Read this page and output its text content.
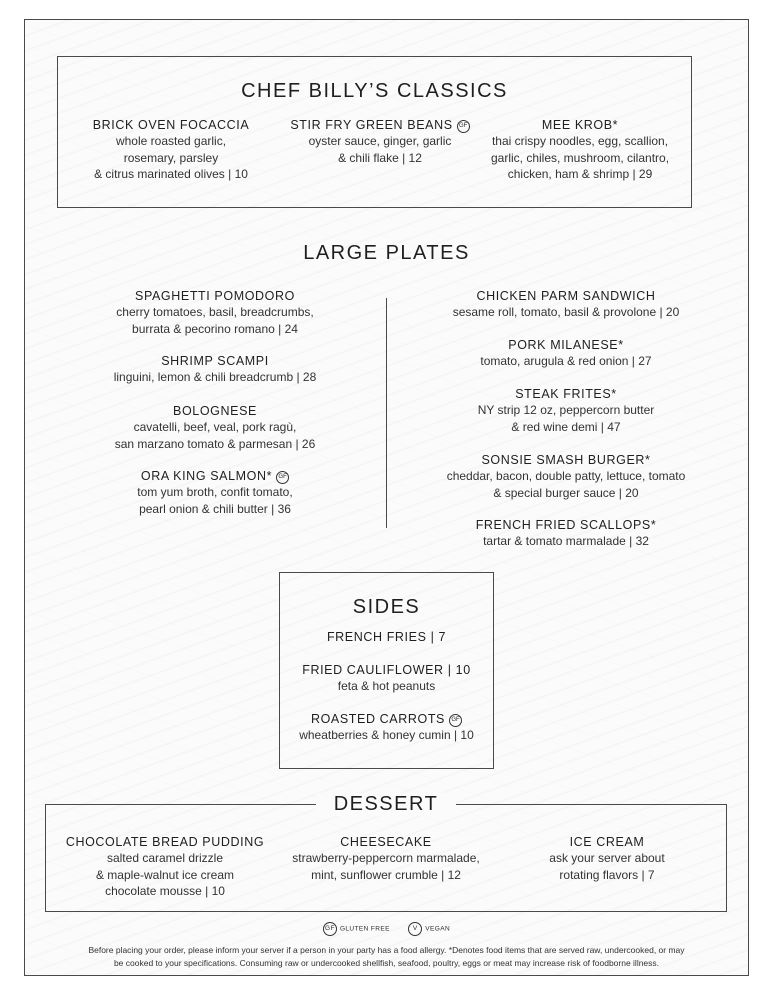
CHEF BILLY’S CLASSICS
BRICK OVEN FOCACCIA
whole roasted garlic,
rosemary, parsley
& citrus marinated olives | 10
STIR FRY GREEN BEANS GF
oyster sauce, ginger, garlic
& chili flake | 12
MEE KROB*
thai crispy noodles, egg, scallion,
garlic, chiles, mushroom, cilantro,
chicken, ham & shrimp | 29
LARGE PLATES
SPAGHETTI POMODORO
cherry tomatoes, basil, breadcrumbs,
burrata & pecorino romano | 24
SHRIMP SCAMPI
linguini, lemon & chili breadcrumb | 28
BOLOGNESE
cavatelli, beef, veal, pork ragù,
san marzano tomato & parmesan | 26
ORA KING SALMON* GF
tom yum broth, confit tomato,
pearl onion & chili butter | 36
CHICKEN PARM SANDWICH
sesame roll, tomato, basil & provolone | 20
PORK MILANESE*
tomato, arugula & red onion | 27
STEAK FRITES*
NY strip 12 oz, peppercorn butter
& red wine demi | 47
SONSIE SMASH BURGER*
cheddar, bacon, double patty, lettuce, tomato
& special burger sauce | 20
FRENCH FRIED SCALLOPS*
tartar & tomato marmalade | 32
SIDES
FRENCH FRIES | 7
FRIED CAULIFLOWER | 10
feta & hot peanuts
ROASTED CARROTS GF
wheatberries & honey cumin | 10
DESSERT
CHOCOLATE BREAD PUDDING
salted caramel drizzle
& maple-walnut ice cream
chocolate mousse | 10
CHEESECAKE
strawberry-peppercorn marmalade,
mint, sunflower crumble | 12
ICE CREAM
ask your server about
rotating flavors | 7
GF GLUTEN FREE	V VEGAN
Before placing your order, please inform your server if a person in your party has a food allergy. *Denotes food items that are served raw, undercooked, or may
be cooked to your specifications. Consuming raw or undercooked shellfish, seafood, poultry, eggs or meat may increase risk of foodborne illness.
